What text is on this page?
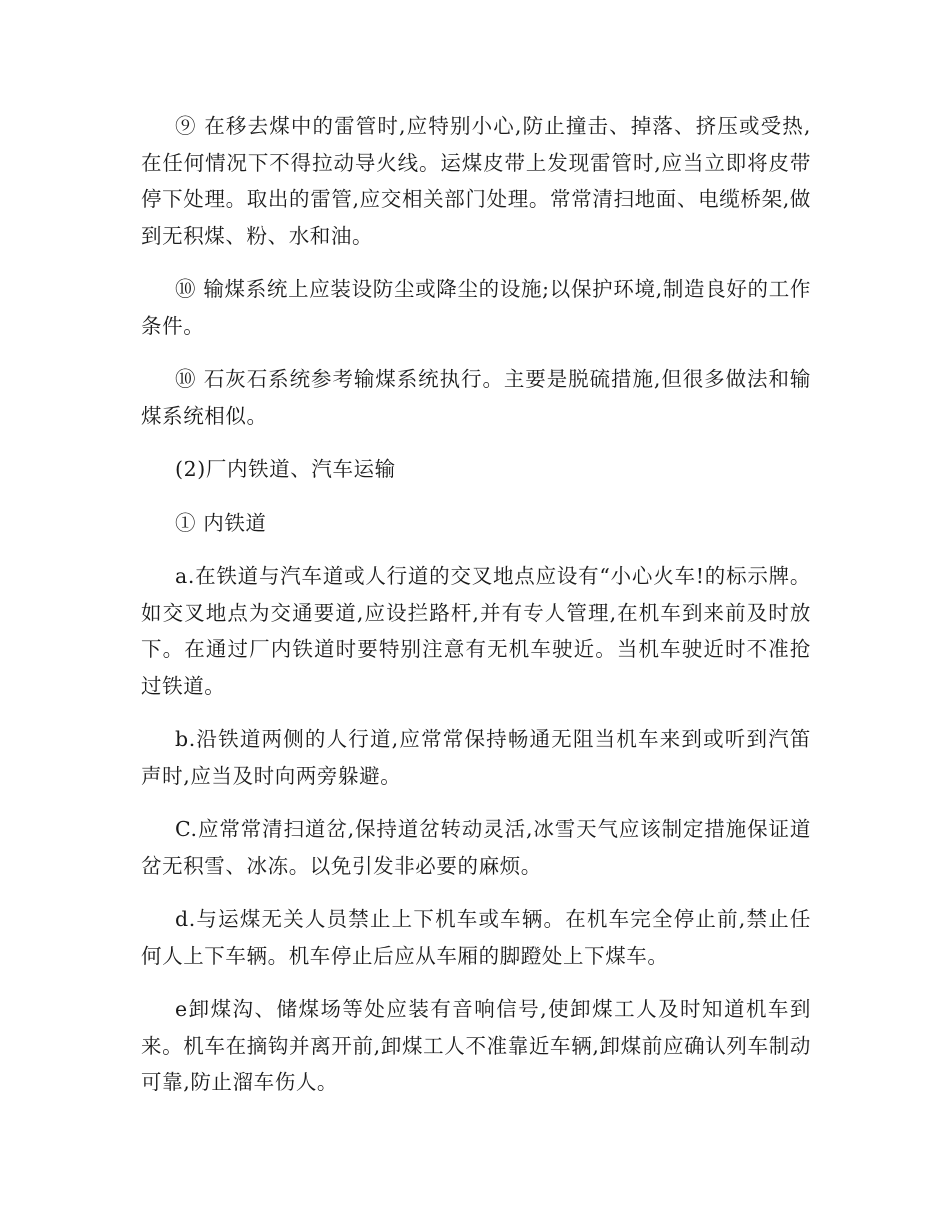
⑨ 在移去煤中的雷管时,应特别小心,防止撞击、掉落、挤压或受热,在任何情况下不得拉动导火线。运煤皮带上发现雷管时,应当立即将皮带停下处理。取出的雷管,应交相关部门处理。常常清扫地面、电缆桥架,做到无积煤、粉、水和油。

⑩ 输煤系统上应装设防尘或降尘的设施;以保护环境,制造良好的工作条件。

⑩ 石灰石系统参考输煤系统执行。主要是脱硫措施,但很多做法和输煤系统相似。

(2)厂内铁道、汽车运输

① 内铁道

a.在铁道与汽车道或人行道的交叉地点应设有“小心火车!的标示牌。如交叉地点为交通要道,应设拦路杆,并有专人管理,在机车到来前及时放下。在通过厂内铁道时要特别注意有无机车驶近。当机车驶近时不准抢过铁道。

b.沿铁道两侧的人行道,应常常保持畅通无阻当机车来到或听到汽笛声时,应当及时向两旁躲避。

C.应常常清扫道岔,保持道岔转动灵活,冰雪天气应该制定措施保证道岔无积雪、冰冻。以免引发非必要的麻烦。

d.与运煤无关人员禁止上下机车或车辆。在机车完全停止前,禁止任何人上下车辆。机车停止后应从车厢的脚蹬处上下煤车。

e卸煤沟、储煤场等处应装有音响信号,使卸煤工人及时知道机车到来。机车在摘钩并离开前,卸煤工人不准靠近车辆,卸煤前应确认列车制动可靠,防止溜车伤人。
